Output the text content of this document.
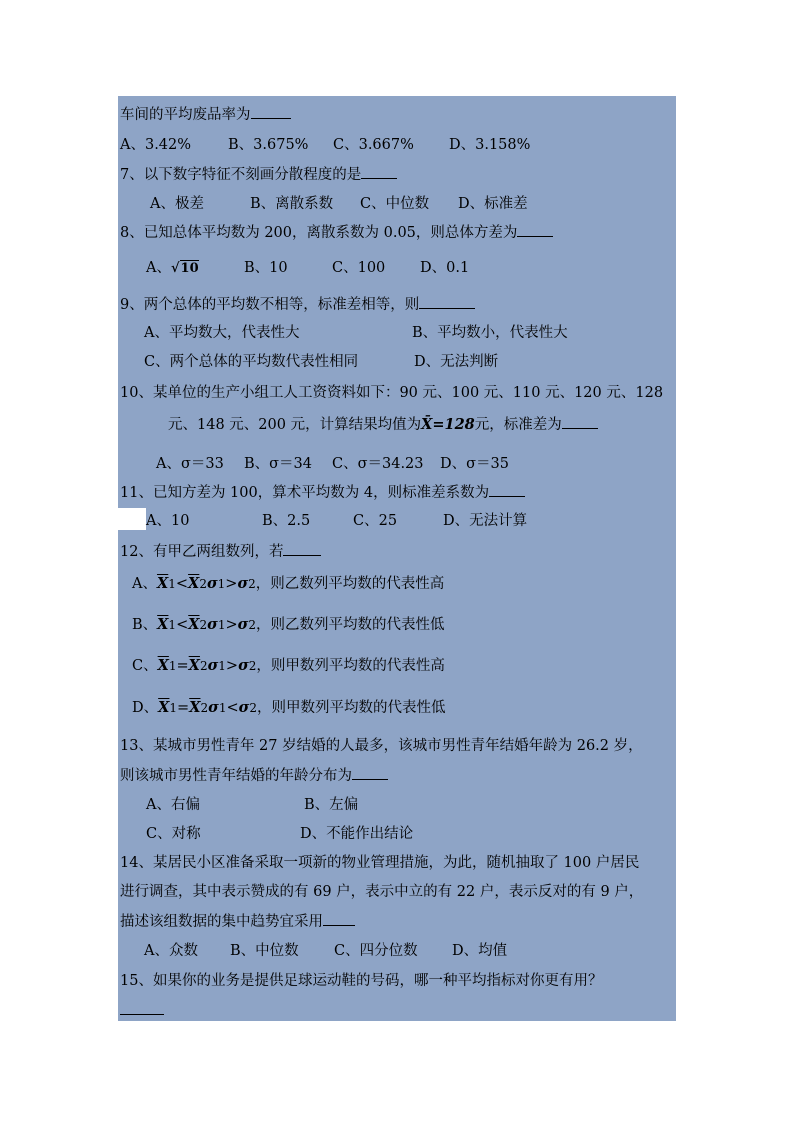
车间的平均废品率为
A、3.42%	B、3.675% C、3.667% D、3.158%
7、以下数字特征不刻画分散程度的是
A、极差	B、离散系数 C、中位数 D、标准差
8、已知总体平均数为 200，离散系数为 0.05，则总体方差为
A、√10	B、10	C、100 D、0.1
9、两个总体的平均数不相等，标准差相等，则
A、平均数大，代表性大	B、平均数小，代表性大
C、两个总体的平均数代表性相同	D、无法判断
10、某单位的生产小组工人工资资料如下：90 元、100 元、110 元、120 元、128
元、148 元、200 元，计算结果均值为X̄=128元，标准差为
A、σ＝33 B、σ＝34 C、σ＝34.23 D、σ＝35
11、已知方差为 100，算术平均数为 4，则标准差系数为
A、10	B、2.5	C、25	D、无法计算
12、有甲乙两组数列，若
A、$\overline{X}1<\overline{X}2\sigma 1>\sigma 2$，则乙数列平均数的代表性高
B、$\overline{X}1<\overline{X}2\sigma 1>\sigma 2$，则乙数列平均数的代表性低
C、$\overline{X}1=\overline{X}2\sigma 1>\sigma 2$，则甲数列平均数的代表性高
D、$\overline{X}1=\overline{X}2\sigma 1<\sigma 2$，则甲数列平均数的代表性低
13、某城市男性青年 27 岁结婚的人最多，该城市男性青年结婚年龄为 26.2 岁，
则该城市男性青年结婚的年龄分布为
A、右偏	B、左偏
C、对称	D、不能作出结论
14、某居民小区准备采取一项新的物业管理措施，为此，随机抽取了 100 户居民
进行调查，其中表示赞成的有 69 户，表示中立的有 22 户，表示反对的有 9 户，
描述该组数据的集中趋势宜采用
A、众数 B、中位数 C、四分位数 D、均值
15、如果你的业务是提供足球运动鞋的号码，哪一种平均指标对你更有用？
